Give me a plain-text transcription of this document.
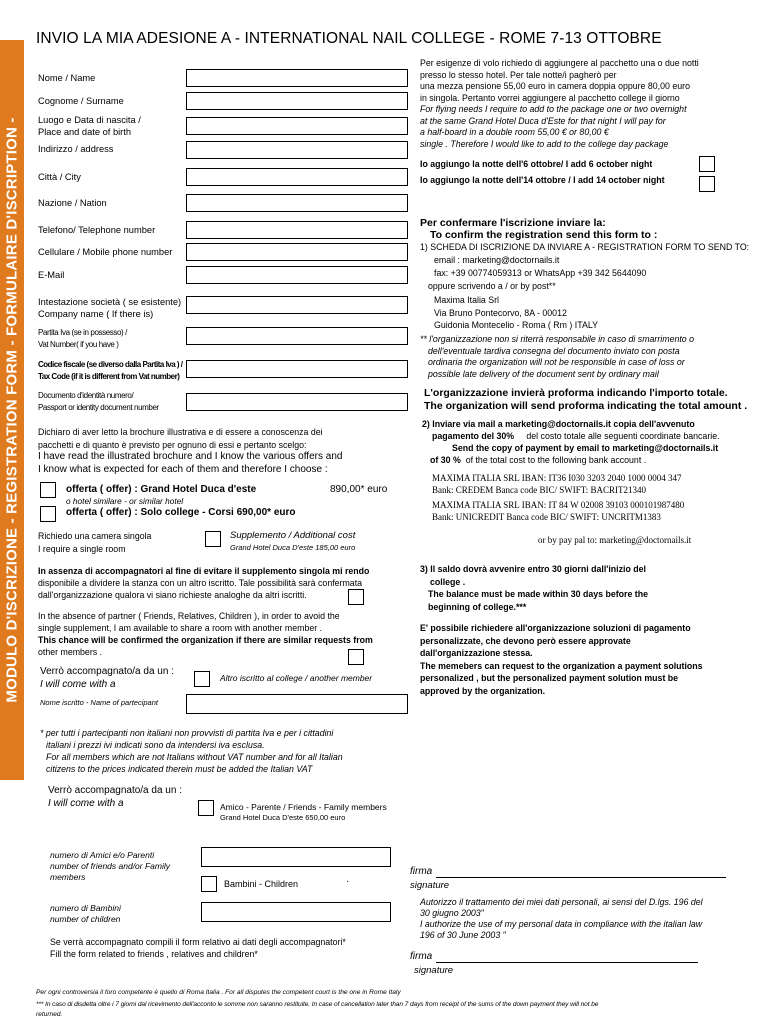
MODULO D'ISCRIZIONE - REGISTRATION FORM - FORMULAIRE D'ISCRIPTION -
INVIO LA MIA ADESIONE A - INTERNATIONAL NAIL COLLEGE - ROME 7-13 OTTOBRE
Nome / Name
Cognome / Surname
Luogo e Data di nascita /
Place and date of birth
Indirizzo / address
Città / City
Nazione / Nation
Telefono/ Telephone number
Cellulare / Mobile phone number
E-Mail
Intestazione società ( se esistente)
Company name ( If there is)
Partita Iva (se in possesso) /
Vat Number( if you have )
Codice fiscale (se diverso dalla Partita Iva ) /
Tax Code (if it is different from Vat number)
Documento d'identità numero/
Passport or identity document number
Per esigenze di volo richiedo di aggiungere al pacchetto una o due notti
presso lo stesso hotel. Per tale notte/i pagherò per
una mezza pensione 55,00 euro in camera doppia oppure 80,00 euro
in singola. Pertanto vorrei aggiungere al pacchetto college il giorno
For flying needs I require to add to the package one or two overnight
at the same Grand Hotel Duca d'Este for that night I will pay for
a half-board in a double room 55,00 € or 80,00 €
single . Therefore I would like to add to the college day package
Io aggiungo la notte dell'6 ottobre/ I add 6 october night
Io aggiungo la notte dell'14 ottobre / I add 14 october night
Per confermare l'iscrizione inviare la:
To confirm the registration send this form to :
1) SCHEDA DI ISCRIZIONE DA INVIARE A - REGISTRATION FORM TO SEND TO:
email : marketing@doctornails.it
fax: +39 00774059313 or WhatsApp +39 342 5644090
oppure scrivendo a / or by post**
Maxima Italia Srl
Via Bruno Pontecorvo, 8A - 00012
Guidonia Montecelio - Roma ( Rm ) ITALY
** l'organizzazione non si riterrà responsabile in caso di smarrimento o
dell'eventuale tardiva consegna del documento inviato con posta
ordinaria the organization will not be responsible in case of loss or
possible late delivery of the document sent by ordinary mail
L'organizzazione invierà proforma indicando l'importo totale.
The organization will send proforma indicating the total amount .
2) Inviare via mail a marketing@doctornails.it copia dell'avvenuto
pagamento del 30% del costo totale alle seguenti coordinate bancarie.
Send the copy of payment by email to marketing@doctornails.it
of 30 % of the total cost to the following bank account .
MAXIMA ITALIA SRL IBAN: IT36 I030 3203 2040 1000 0004 347
Bank: CREDEM Banca code BIC/ SWIFT: BACRIT21340
MAXIMA ITALIA SRL IBAN: IT 84 W 02008 39103 000101987480
Bank: UNICREDIT Banca code BIC/ SWIFT: UNCRITM1383
or by pay pal to: marketing@doctornails.it
3) Il saldo dovrà avvenire entro 30 giorni dall'inizio del
college .
The balance must be made within 30 days before the
beginning of college.***
E' possibile richiedere all'organizzazione soluzioni di pagamento
personalizzate, che devono però essere approvate
dall'organizzazione stessa.
The memebers can request to the organization a payment solutions
personalized , but the personalized payment solution must be
approved by the organization.
Dichiaro di aver letto la brochure illustrativa e di essere a conoscenza dei
pacchetti e di quanto è previsto per ognuno di essi e pertanto scelgo:
I have read the illustrated brochure and I know the various offers and
I know what is expected for each of them and therefore I choose :
offerta ( offer) : Grand Hotel Duca d'este	890,00* euro
o hotel similare - or similar hotel
offerta ( offer) : Solo college - Corsi 690,00* euro
Richiedo una camera singola
I require a single room
Supplemento / Additional cost
Grand Hotel Duca D'este 185,00 euro
In assenza di accompagnatori al fine di evitare il supplemento singola mi rendo
disponibile a dividere la stanza con un altro iscritto. Tale possibilità sarà confermata
dall'organizzazione qualora vi siano richieste analoghe da altri iscritti.
In the absence of partner ( Friends, Relatives, Children ), in order to avoid the
single supplement, I am available to share a room with another member .
This chance will be confirmed the organization if there are similar requests from
other members .
Verrò accompagnato/a da un :
I will come with a
Altro iscritto al college / another member
Nome iscritto - Name of partecipant
* per tutti i partecipanti non italiani non provvisti di partita Iva e per i cittadini
italiani i prezzi ivi indicati sono da intendersi iva esclusa.
For all members which are not Italians without VAT number and for all Italian
citizens to the prices indicated therein must be added the Italian VAT
Verrò accompagnato/a da un :
I will come with a	Amico - Parente / Friends - Family members
Grand Hotel Duca D'este 650,00 euro
numero di Amici e/o Parenti
number of friends and/or Family
members
Bambini - Children	·
numero di Bambini
number of children
Se verrà accompagnato compili il form relativo ai dati degli accompagnatori*
Fill the form related to friends , relatives and children*
firma
signature
Autorizzo il trattamento dei miei dati personali, ai sensi del D.lgs. 196 del
30 giugno 2003"
I authorize the use of my personal data in compliance with the italian law
196 of 30 June 2003 "
firma
signature
Per ogni controversia il foro competente è quello di Roma Italia . For all disputes the competent court is the one in Rome Italy
*** In caso di disdetta oltre i 7 giorni dal ricevimento dell'acconto le somme non saranno restituite. In case of cancellation later than 7 days from receipt of the sums of the down payment they will not be
returned.
